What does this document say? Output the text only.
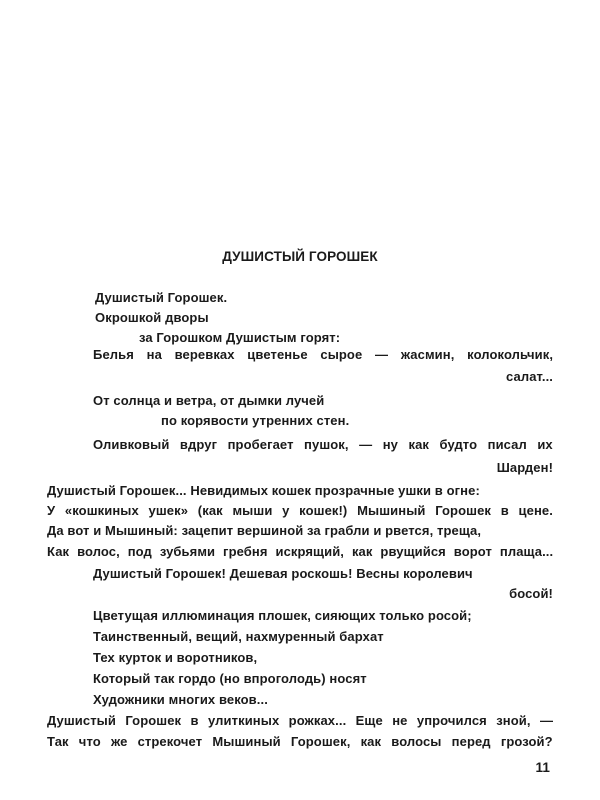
ДУШИСТЫЙ ГОРОШЕК
Душистый Горошек.
Окрошкой дворы
за Горошком Душистым горят:
Белья на веревках цветенье сырое — жасмин, колокольчик,
салат...
От солнца и ветра, от дымки лучей
по корявости утренних стен.
Оливковый вдруг пробегает пушок, — ну как будто писал их
Шарден!
Душистый Горошек... Невидимых кошек прозрачные ушки в огне:
У «кошкиных ушек» (как мыши у кошек!) Мышиный Горошек в цене.
Да вот и Мышиный: зацепит вершиной за грабли и рвется, треща,
Как волос, под зубьями гребня искрящий, как рвущийся ворот плаща...
Душистый Горошек! Дешевая роскошь! Весны королевич
босой!
Цветущая иллюминация плошек, сияющих только росой;
Таинственный, вещий, нахмуренный бархат
Тех курток и воротников,
Который так гордо (но впроголодь) носят
Художники многих веков...
Душистый Горошек в улиткиных рожках... Еще не упрочился зной, —
Так что же стрекочет Мышиный Горошек, как волосы перед грозой?
11
